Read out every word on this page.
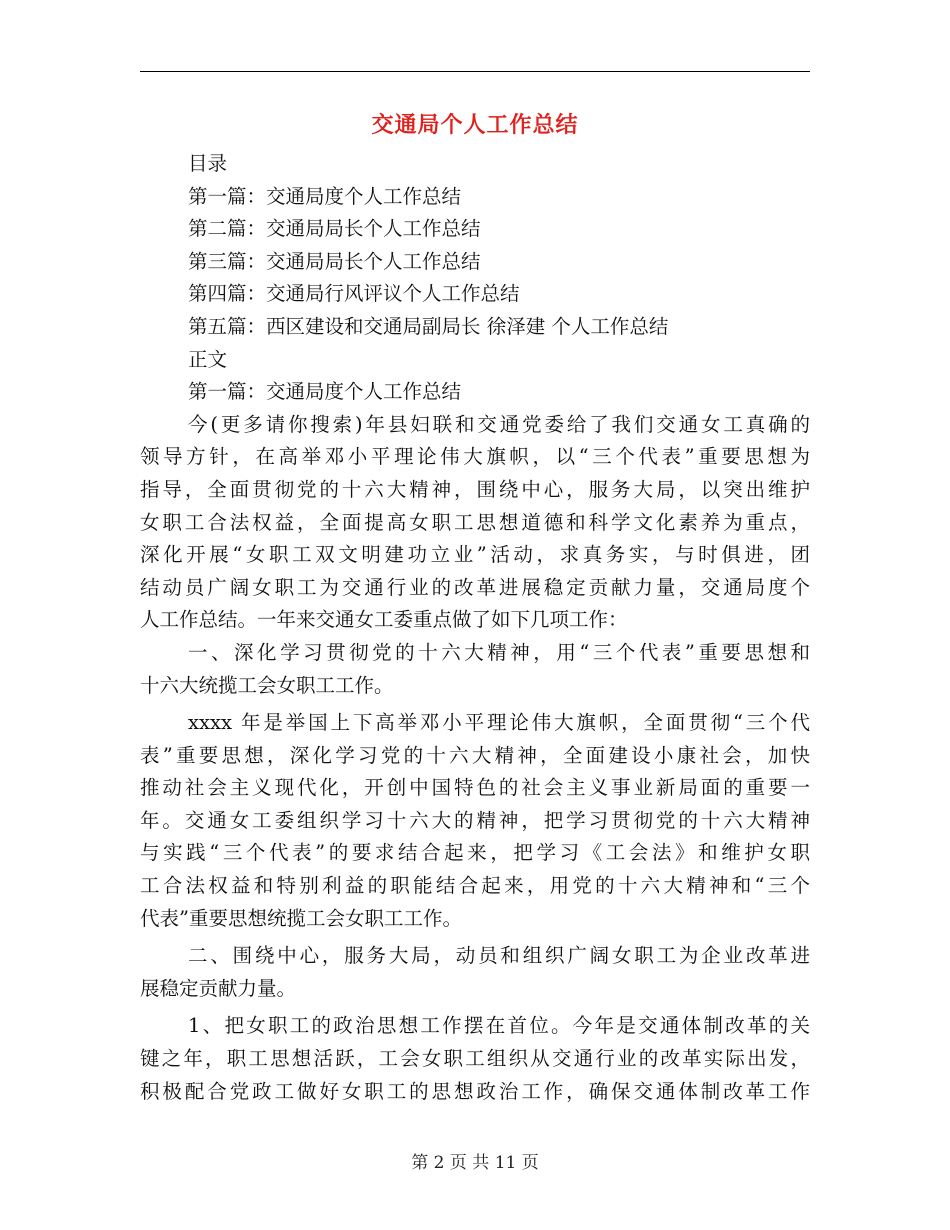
交通局个人工作总结
目录
第一篇：交通局度个人工作总结
第二篇：交通局局长个人工作总结
第三篇：交通局局长个人工作总结
第四篇：交通局行风评议个人工作总结
第五篇：西区建设和交通局副局长 徐泽建 个人工作总结
正文
第一篇：交通局度个人工作总结
今(更多请你搜索)年县妇联和交通党委给了我们交通女工真确的
领导方针，在高举邓小平理论伟大旗帜，以“三个代表”重要思想为
指导，全面贯彻党的十六大精神，围绕中心，服务大局，以突出维护
女职工合法权益，全面提高女职工思想道德和科学文化素养为重点，
深化开展“女职工双文明建功立业”活动，求真务实，与时俱进，团
结动员广阔女职工为交通行业的改革进展稳定贡献力量，交通局度个
人工作总结。一年来交通女工委重点做了如下几项工作：
一、深化学习贯彻党的十六大精神，用“三个代表”重要思想和
十六大统揽工会女职工工作。
xxxx 年是举国上下高举邓小平理论伟大旗帜，全面贯彻“三个代
表”重要思想，深化学习党的十六大精神，全面建设小康社会，加快
推动社会主义现代化，开创中国特色的社会主义事业新局面的重要一
年。交通女工委组织学习十六大的精神，把学习贯彻党的十六大精神
与实践“三个代表”的要求结合起来，把学习《工会法》和维护女职
工合法权益和特别利益的职能结合起来，用党的十六大精神和“三个
代表”重要思想统揽工会女职工工作。
二、围绕中心，服务大局，动员和组织广阔女职工为企业改革进
展稳定贡献力量。
1、把女职工的政治思想工作摆在首位。今年是交通体制改革的关
键之年，职工思想活跃，工会女职工组织从交通行业的改革实际出发，
积极配合党政工做好女职工的思想政治工作，确保交通体制改革工作
第 2 页 共 11 页
